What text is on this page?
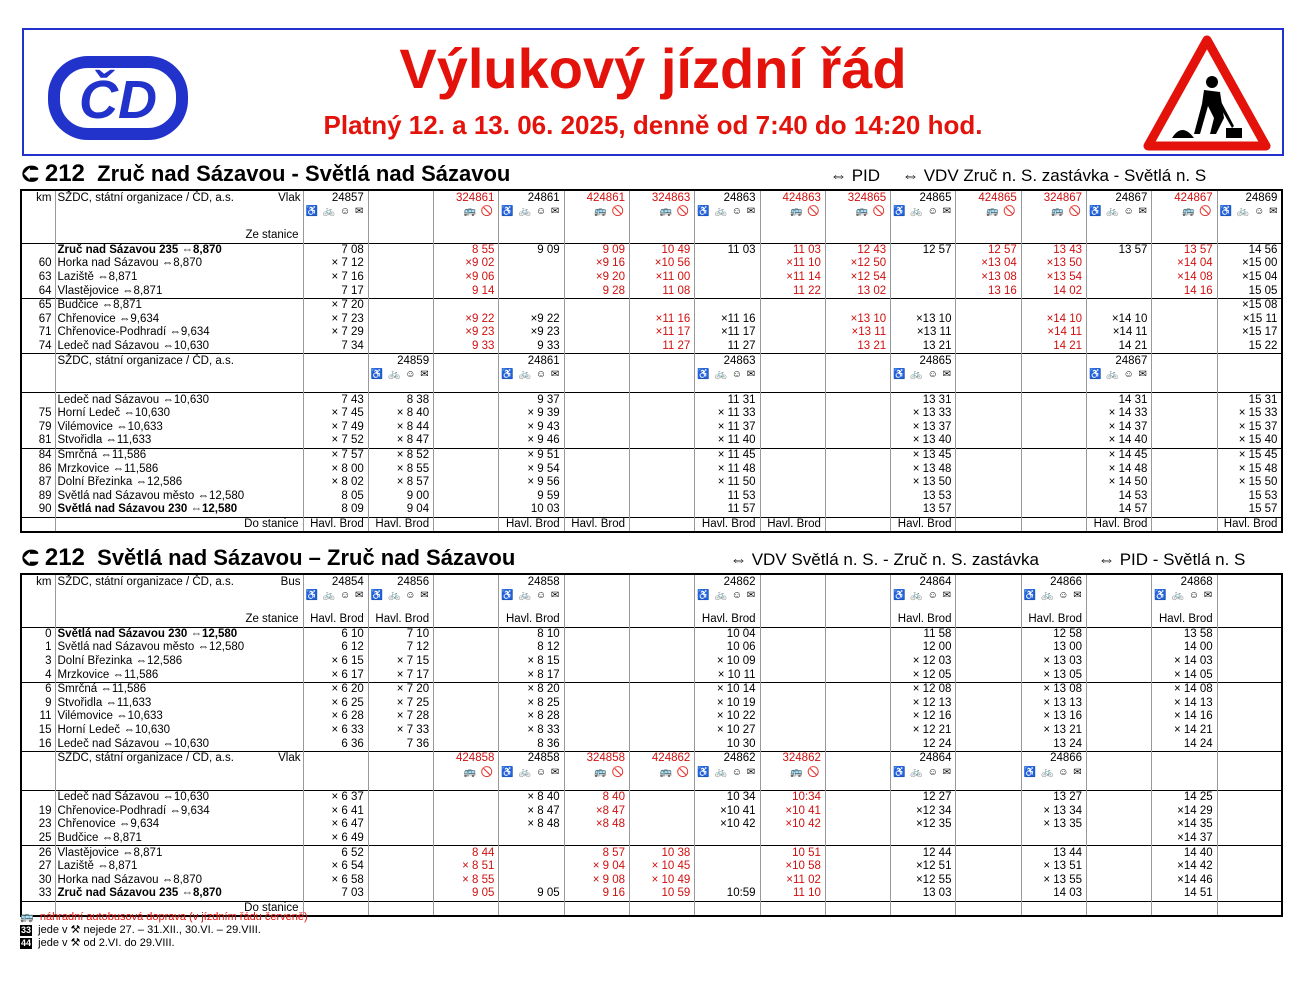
ČD	Výlukový jízdní řád
Platný 12. a 13. 06. 2025, denně od 7:40 do 14:20 hod.
⮈ 212 Zruč nad Sázavou - Světlá nad Sázavou	⇔ PID ⇔ VDV Zruč n. S. zastávka - Světlá n. S
km	SŽDC, státní organizace / ČD, a.s. Vlak	24857		324861	24861	424861	324863	24863	424863	324865	24865	424865	324867	24867	424867	24869
		♿ 🚲 ☺ ✉		🚌 🚫	♿ 🚲 ☺ ✉	🚌 🚫	🚌 🚫	♿ 🚲 ☺ ✉	🚌 🚫	🚌 🚫	♿ 🚲 ☺ ✉	🚌 🚫	🚌 🚫	♿ 🚲 ☺ ✉	🚌 🚫	♿ 🚲 ☺ ✉
	Ze stanice															
	Zruč nad Sázavou 235 ⇔8,870	7 08		8 55	9 09	9 09	10 49	11 03	11 03	12 43	12 57	12 57	13 43	13 57	13 57	14 56
60	Horka nad Sázavou ⇔8,870	× 7 12		×9 02		×9 16	×10 56		×11 10	×12 50		×13 04	×13 50		×14 04	×15 00
63	Laziště ⇔8,871	× 7 16		×9 06		×9 20	×11 00		×11 14	×12 54		×13 08	×13 54		×14 08	×15 04
64	Vlastějovice ⇔8,871	7 17		9 14		9 28	11 08		11 22	13 02		13 16	14 02		14 16	15 05
65	Budčice ⇔8,871	× 7 20														×15 08
67	Chřenovice ⇔9,634	× 7 23		×9 22	×9 22		×11 16	×11 16		×13 10	×13 10		×14 10	×14 10		×15 11
71	Chřenovice-Podhradí ⇔9,634	× 7 29		×9 23	×9 23		×11 17	×11 17		×13 11	×13 11		×14 11	×14 11		×15 17
74	Ledeč nad Sázavou ⇔10,630	7 34		9 33	9 33		11 27	11 27		13 21	13 21		14 21	14 21		15 22
	SŽDC, státní organizace / ČD, a.s.		24859		24861			24863			24865			24867		
			♿ 🚲 ☺ ✉		♿ 🚲 ☺ ✉			♿ 🚲 ☺ ✉			♿ 🚲 ☺ ✉			♿ 🚲 ☺ ✉		
	Ledeč nad Sázavou ⇔10,630	7 43	8 38		9 37			11 31			13 31			14 31		15 31
75	Horní Ledeč ⇔10,630	× 7 45	× 8 40		× 9 39			× 11 33			× 13 33			× 14 33		× 15 33
79	Vilémovice ⇔10,633	× 7 49	× 8 44		× 9 43			× 11 37			× 13 37			× 14 37		× 15 37
81	Stvořidla ⇔11,633	× 7 52	× 8 47		× 9 46			× 11 40			× 13 40			× 14 40		× 15 40
84	Smrčná ⇔11,586	× 7 57	× 8 52		× 9 51			× 11 45			× 13 45			× 14 45		× 15 45
86	Mrzkovice ⇔11,586	× 8 00	× 8 55		× 9 54			× 11 48			× 13 48			× 14 48		× 15 48
87	Dolní Březinka ⇔12,586	× 8 02	× 8 57		× 9 56			× 11 50			× 13 50			× 14 50		× 15 50
89	Světlá nad Sázavou město ⇔12,580	8 05	9 00		9 59			11 53			13 53			14 53		15 53
90	Světlá nad Sázavou 230 ⇔12,580	8 09	9 04		10 03			11 57			13 57			14 57		15 57
	Do stanice	Havl. Brod	Havl. Brod		Havl. Brod	Havl. Brod		Havl. Brod	Havl. Brod		Havl. Brod			Havl. Brod		Havl. Brod
⮈ 212 Světlá nad Sázavou – Zruč nad Sázavou	⇔ VDV Světlá n. S. - Zruč n. S. zastávka	⇔ PID - Světlá n. S
km	SŽDC, státní organizace / ČD, a.s. Bus	24854	24856		24858			24862			24864		24866		24868	
		♿ 🚲 ☺ ✉	♿ 🚲 ☺ ✉		♿ 🚲 ☺ ✉			♿ 🚲 ☺ ✉			♿ 🚲 ☺ ✉		♿ 🚲 ☺ ✉		♿ 🚲 ☺ ✉	
	Ze stanice	Havl. Brod	Havl. Brod		Havl. Brod			Havl. Brod			Havl. Brod		Havl. Brod		Havl. Brod	
0	Světlá nad Sázavou 230 ⇔12,580	6 10	7 10		8 10			10 04			11 58		12 58		13 58	
1	Světlá nad Sázavou město ⇔12,580	6 12	7 12		8 12			10 06			12 00		13 00		14 00	
3	Dolní Březinka ⇔12,586	× 6 15	× 7 15		× 8 15			× 10 09			× 12 03		× 13 03		× 14 03	
4	Mrzkovice ⇔11,586	× 6 17	× 7 17		× 8 17			× 10 11			× 12 05		× 13 05		× 14 05	
6	Smrčná ⇔11,586	× 6 20	× 7 20		× 8 20			× 10 14			× 12 08		× 13 08		× 14 08	
9	Stvořidla ⇔11,633	× 6 25	× 7 25		× 8 25			× 10 19			× 12 13		× 13 13		× 14 13	
11	Vilémovice ⇔10,633	× 6 28	× 7 28		× 8 28			× 10 22			× 12 16		× 13 16		× 14 16	
15	Horní Ledeč ⇔10,630	× 6 33	× 7 33		× 8 33			× 10 27			× 12 21		× 13 21		× 14 21	
16	Ledeč nad Sázavou ⇔10,630	6 36	7 36		8 36			10 30			12 24		13 24		14 24	
	SŽDC, státní organizace / ČD, a.s. Vlak			424858	24858	324858	424862	24862	324862		24864		24866			
				🚌 🚫	♿ 🚲 ☺ ✉	🚌 🚫	🚌 🚫	♿ 🚲 ☺ ✉	🚌 🚫		♿ 🚲 ☺ ✉		♿ 🚲 ☺ ✉			
	Ledeč nad Sázavou ⇔10,630	× 6 37			× 8 40	8 40		10 34	10:34		12 27		13 27		14 25	
19	Chřenovice-Podhradí ⇔9,634	× 6 41			× 8 47	×8 47		×10 41	×10 41		×12 34		× 13 34		×14 29	
23	Chřenovice ⇔9,634	× 6 47			× 8 48	×8 48		×10 42	×10 42		×12 35		× 13 35		×14 35	
25	Budčice ⇔8,871	× 6 49													×14 37	
26	Vlastějovice ⇔8,871	6 52		8 44		8 57	10 38		10 51		12 44		13 44		14 40	
27	Laziště ⇔8,871	× 6 54		× 8 51		× 9 04	× 10 45		×10 58		×12 51		× 13 51		×14 42	
30	Horka nad Sázavou ⇔8,870	× 6 58		× 8 55		× 9 08	× 10 49		×11 02		×12 55		× 13 55		×14 46	
33	Zruč nad Sázavou 235 ⇔8,870	7 03		9 05	9 05	9 16	10 59	10:59	11 10		13 03		14 03		14 51	
	Do stanice															
🚌 náhradní autobusová doprava (v jízdním řádu červeně)
33 jede v ⚒ nejede 27. – 31.XII., 30.VI. – 29.VIII.
44 jede v ⚒ od 2.VI. do 29.VIII.
